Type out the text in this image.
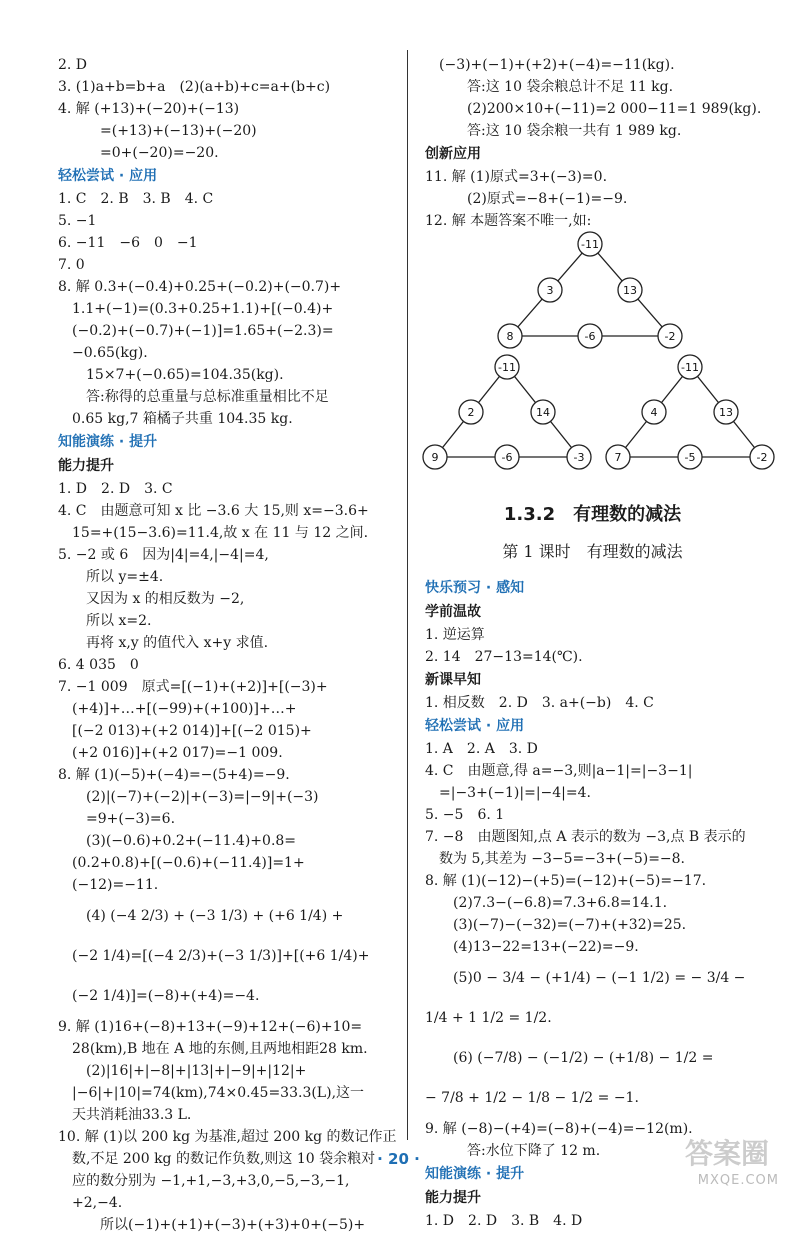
2. D
3. (1)a+b=b+a　(2)(a+b)+c=a+(b+c)
4. 解 (+13)+(−20)+(−13)
=(+13)+(−13)+(−20)
=0+(−20)=−20.
轻松尝试 · 应用
1. C　2. B　3. B　4. C
5. −1
6. −11　−6　0　−1
7. 0
8. 解 0.3+(−0.4)+0.25+(−0.2)+(−0.7)+
1.1+(−1)=(0.3+0.25+1.1)+[(−0.4)+
(−0.2)+(−0.7)+(−1)]=1.65+(−2.3)=
−0.65(kg).
15×7+(−0.65)=104.35(kg).
答:称得的总重量与总标准重量相比不足
0.65 kg,7 箱橘子共重 104.35 kg.
知能演练 · 提升
能力提升
1. D　2. D　3. C
4. C　由题意可知 x 比 −3.6 大 15,则 x=−3.6+
15=+(15−3.6)=11.4,故 x 在 11 与 12 之间.
5. −2 或 6　因为|4|=4,|−4|=4,
所以 y=±4.
又因为 x 的相反数为 −2,
所以 x=2.
再将 x,y 的值代入 x+y 求值.
6. 4 035　0
7. −1 009　原式=[(−1)+(+2)]+[(−3)+
(+4)]+…+[(−99)+(+100)]+…+
[(−2 013)+(+2 014)]+[(−2 015)+
(+2 016)]+(+2 017)=−1 009.
8. 解 (1)(−5)+(−4)=−(5+4)=−9.
(2)|(−7)+(−2)|+(−3)=|−9|+(−3)
=9+(−3)=6.
(3)(−0.6)+0.2+(−11.4)+0.8=
(0.2+0.8)+[(−0.6)+(−11.4)]=1+
(−12)=−11.
(4) (−4 2/3) + (−3 1/3) + (+6 1/4) +
(−2 1/4)=[(−4 2/3)+(−3 1/3)]+[(+6 1/4)+
(−2 1/4)]=(−8)+(+4)=−4.
9. 解 (1)16+(−8)+13+(−9)+12+(−6)+10=
28(km),B 地在 A 地的东侧,且两地相距28 km.
(2)|16|+|−8|+|13|+|−9|+|12|+
|−6|+|10|=74(km),74×0.45=33.3(L),这一
天共消耗油33.3 L.
10. 解 (1)以 200 kg 为基准,超过 200 kg 的数记作正
数,不足 200 kg 的数记作负数,则这 10 袋余粮对
应的数分别为 −1,+1,−3,+3,0,−5,−3,−1,
+2,−4.
所以(−1)+(+1)+(−3)+(+3)+0+(−5)+
(−3)+(−1)+(+2)+(−4)=−11(kg).
答:这 10 袋余粮总计不足 11 kg.
(2)200×10+(−11)=2 000−11=1 989(kg).
答:这 10 袋余粮一共有 1 989 kg.
创新应用
11. 解 (1)原式=3+(−3)=0.
(2)原式=−8+(−1)=−9.
12. 解 本题答案不唯一,如:
-11
3	13
8	-6	-2
-11
2	14
9	-6	-3
-11
4	13
7	-5	-2
1.3.2　有理数的减法
第 1 课时　有理数的减法
快乐预习 · 感知
学前温故
1. 逆运算
2. 14　27−13=14(℃).
新课早知
1. 相反数　2. D　3. a+(−b)　4. C
轻松尝试 · 应用
1. A　2. A　3. D
4. C　由题意,得 a=−3,则|a−1|=|−3−1|
=|−3+(−1)|=|−4|=4.
5. −5　6. 1
7. −8　由题图知,点 A 表示的数为 −3,点 B 表示的
数为 5,其差为 −3−5=−3+(−5)=−8.
8. 解 (1)(−12)−(+5)=(−12)+(−5)=−17.
(2)7.3−(−6.8)=7.3+6.8=14.1.
(3)(−7)−(−32)=(−7)+(+32)=25.
(4)13−22=13+(−22)=−9.
(5)0 − 3/4 − (+1/4) − (−1 1/2) = − 3/4 −
1/4 + 1 1/2 = 1/2.
(6) (−7/8) − (−1/2) − (+1/8) − 1/2 =
− 7/8 + 1/2 − 1/8 − 1/2 = −1.
9. 解 (−8)−(+4)=(−8)+(−4)=−12(m).
答:水位下降了 12 m.
知能演练 · 提升
能力提升
1. D　2. D　3. B　4. D
· 20 ·	答案圈
MXQE.COM
